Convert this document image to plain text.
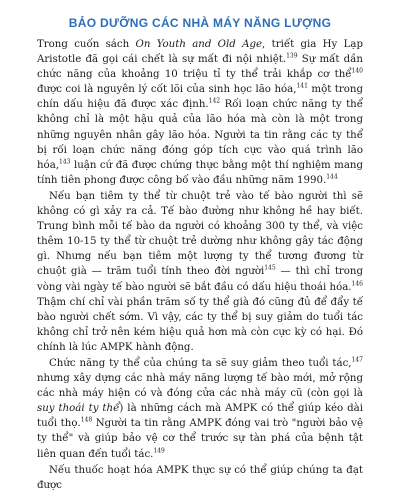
BẢO DƯỠNG CÁC NHÀ MÁY NĂNG LƯỢNG

Trong cuốn sách On Youth and Old Age, triết gia Hy Lạp Aristotle đã gọi cái chết là sự mất đi nội nhiệt.$^{139}$ Sự mất dần chức năng của khoảng 10 triệu tỉ ty thể trải khắp cơ thể$^{140}$ được coi là nguyên lý cốt lõi của sinh học lão hóa,$^{141}$ một trong chín dấu hiệu đã được xác định.$^{142}$ Rối loạn chức năng ty thể không chỉ là một hậu quả của lão hóa mà còn là một trong những nguyên nhân gây lão hóa. Người ta tin rằng các ty thể bị rối loạn chức năng đóng góp tích cực vào quá trình lão hóa,$^{143}$ luận cứ đã được chứng thực bằng một thí nghiệm mang tính tiên phong được công bố vào đầu những năm 1990.$^{144}$

Nếu bạn tiêm ty thể từ chuột trẻ vào tế bào người thì sẽ không có gì xảy ra cả. Tế bào đường như không hề hay biết. Trung bình mỗi tế bào da người có khoảng 300 ty thể, và việc thêm 10-15 ty thể từ chuột trẻ dường như không gây tác động gì. Nhưng nếu bạn tiêm một lượng ty thể tương đương từ chuột già — trăm tuổi tính theo đời người$^{145}$ — thì chỉ trong vòng vài ngày tế bào người sẽ bắt đầu có dấu hiệu thoái hóa.$^{146}$ Thậm chí chỉ vài phần trăm số ty thể già đó cũng đủ để đẩy tế bào người chết sớm. Vì vậy, các ty thể bị suy giảm do tuổi tác không chỉ trở nên kém hiệu quả hơn mà còn cực kỳ có hại. Đó chính là lúc AMPK hành động.

Chức năng ty thể của chúng ta sẽ suy giảm theo tuổi tác,$^{147}$ nhưng xây dựng các nhà máy năng lượng tế bào mới, mở rộng các nhà máy hiện có và đóng cửa các nhà máy cũ (còn gọi là suy thoái ty thể) là những cách mà AMPK có thể giúp kéo dài tuổi thọ.$^{148}$ Người ta tin rằng AMPK đóng vai trò "người bảo vệ ty thể" và giúp bảo vệ cơ thể trước sự tàn phá của bệnh tật liên quan đến tuổi tác.$^{149}$

Nếu thuốc hoạt hóa AMPK thực sự có thể giúp chúng ta đạt được
